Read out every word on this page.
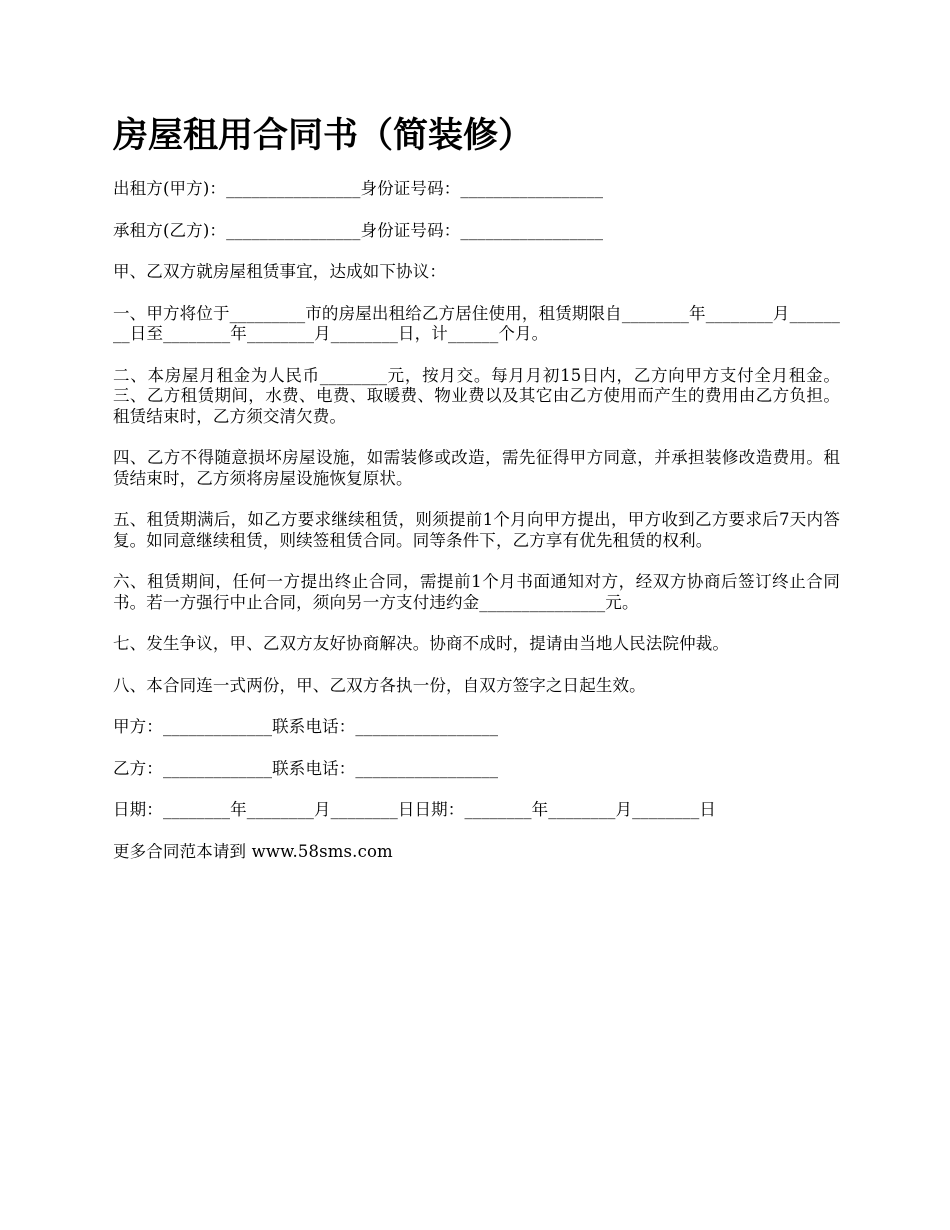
房屋租用合同书（简装修）

出租方(甲方)：________________身份证号码：_________________

承租方(乙方)：________________身份证号码：_________________

甲、乙双方就房屋租赁事宜，达成如下协议：

一、甲方将位于_________市的房屋出租给乙方居住使用，租赁期限自________年________月________日至________年________月________日，计______个月。

二、本房屋月租金为人民币________元，按月交。每月月初15日内，乙方向甲方支付全月租金。三、乙方租赁期间，水费、电费、取暖费、物业费以及其它由乙方使用而产生的费用由乙方负担。租赁结束时，乙方须交清欠费。

四、乙方不得随意损坏房屋设施，如需装修或改造，需先征得甲方同意，并承担装修改造费用。租赁结束时，乙方须将房屋设施恢复原状。

五、租赁期满后，如乙方要求继续租赁，则须提前1个月向甲方提出，甲方收到乙方要求后7天内答复。如同意继续租赁，则续签租赁合同。同等条件下，乙方享有优先租赁的权利。

六、租赁期间，任何一方提出终止合同，需提前1个月书面通知对方，经双方协商后签订终止合同书。若一方强行中止合同，须向另一方支付违约金_______________元。

七、发生争议，甲、乙双方友好协商解决。协商不成时，提请由当地人民法院仲裁。

八、本合同连一式两份，甲、乙双方各执一份，自双方签字之日起生效。

甲方：_____________联系电话：_________________

乙方：_____________联系电话：_________________

日期：________年________月________日日期：________年________月________日

更多合同范本请到 www.58sms.com
